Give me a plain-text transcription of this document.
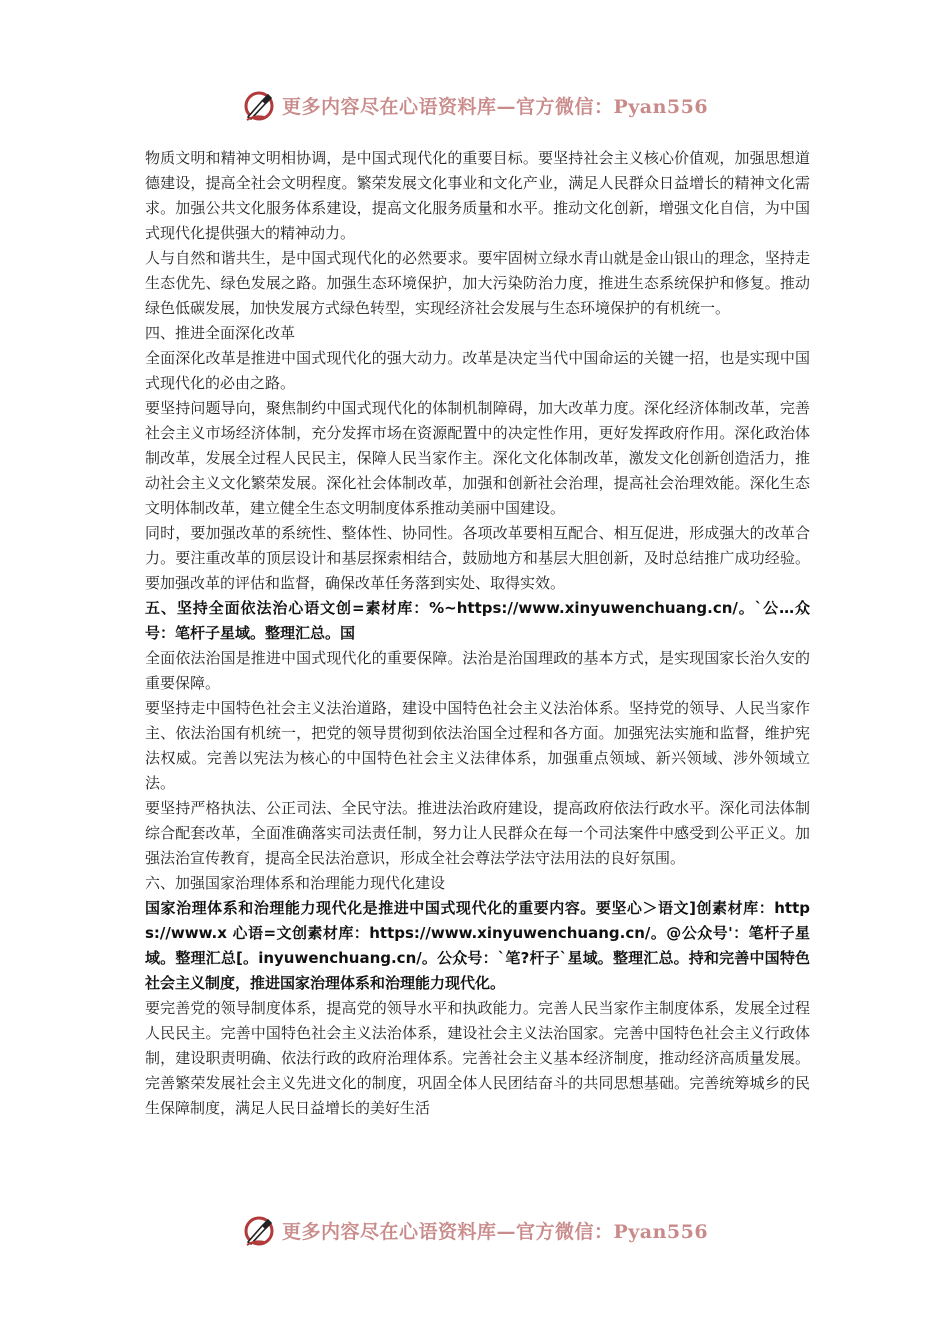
更多内容尽在心语资料库—官方微信：Pyan556

物质文明和精神文明相协调，是中国式现代化的重要目标。要坚持社会主义核心价值观，加强思想道德建设，提高全社会文明程度。繁荣发展文化事业和文化产业，满足人民群众日益增长的精神文化需求。加强公共文化服务体系建设，提高文化服务质量和水平。推动文化创新，增强文化自信，为中国式现代化提供强大的精神动力。

人与自然和谐共生，是中国式现代化的必然要求。要牢固树立绿水青山就是金山银山的理念，坚持走生态优先、绿色发展之路。加强生态环境保护，加大污染防治力度，推进生态系统保护和修复。推动绿色低碳发展，加快发展方式绿色转型，实现经济社会发展与生态环境保护的有机统一。

四、推进全面深化改革

全面深化改革是推进中国式现代化的强大动力。改革是决定当代中国命运的关键一招，也是实现中国式现代化的必由之路。

要坚持问题导向，聚焦制约中国式现代化的体制机制障碍，加大改革力度。深化经济体制改革，完善社会主义市场经济体制，充分发挥市场在资源配置中的决定性作用，更好发挥政府作用。深化政治体制改革，发展全过程人民民主，保障人民当家作主。深化文化体制改革，激发文化创新创造活力，推动社会主义文化繁荣发展。深化社会体制改革，加强和创新社会治理，提高社会治理效能。深化生态文明体制改革，建立健全生态文明制度体系推动美丽中国建设。

同时，要加强改革的系统性、整体性、协同性。各项改革要相互配合、相互促进，形成强大的改革合力。要注重改革的顶层设计和基层探索相结合，鼓励地方和基层大胆创新，及时总结推广成功经验。要加强改革的评估和监督，确保改革任务落到实处、取得实效。

五、坚持全面依法治心语文创=素材库：%~https://www.xinyuwenchuang.cn/。`公…众号：笔杆子星域。整理汇总。国

全面依法治国是推进中国式现代化的重要保障。法治是治国理政的基本方式，是实现国家长治久安的重要保障。

要坚持走中国特色社会主义法治道路，建设中国特色社会主义法治体系。坚持党的领导、人民当家作主、依法治国有机统一，把党的领导贯彻到依法治国全过程和各方面。加强宪法实施和监督，维护宪法权威。完善以宪法为核心的中国特色社会主义法律体系，加强重点领域、新兴领域、涉外领域立法。

要坚持严格执法、公正司法、全民守法。推进法治政府建设，提高政府依法行政水平。深化司法体制综合配套改革，全面准确落实司法责任制，努力让人民群众在每一个司法案件中感受到公平正义。加强法治宣传教育，提高全民法治意识，形成全社会尊法学法守法用法的良好氛围。

六、加强国家治理体系和治理能力现代化建设

国家治理体系和治理能力现代化是推进中国式现代化的重要内容。要坚心＞语文]创素材库：https://www.x 心语=文创素材库：https://www.xinyuwenchuang.cn/。@公众号'：笔杆子星域。整理汇总[。inyuwenchuang.cn/。公众号：`笔?杆子`星域。整理汇总。持和完善中国特色社会主义制度，推进国家治理体系和治理能力现代化。

要完善党的领导制度体系，提高党的领导水平和执政能力。完善人民当家作主制度体系，发展全过程人民民主。完善中国特色社会主义法治体系，建设社会主义法治国家。完善中国特色社会主义行政体制，建设职责明确、依法行政的政府治理体系。完善社会主义基本经济制度，推动经济高质量发展。完善繁荣发展社会主义先进文化的制度，巩固全体人民团结奋斗的共同思想基础。完善统筹城乡的民生保障制度，满足人民日益增长的美好生活

更多内容尽在心语资料库—官方微信：Pyan556
